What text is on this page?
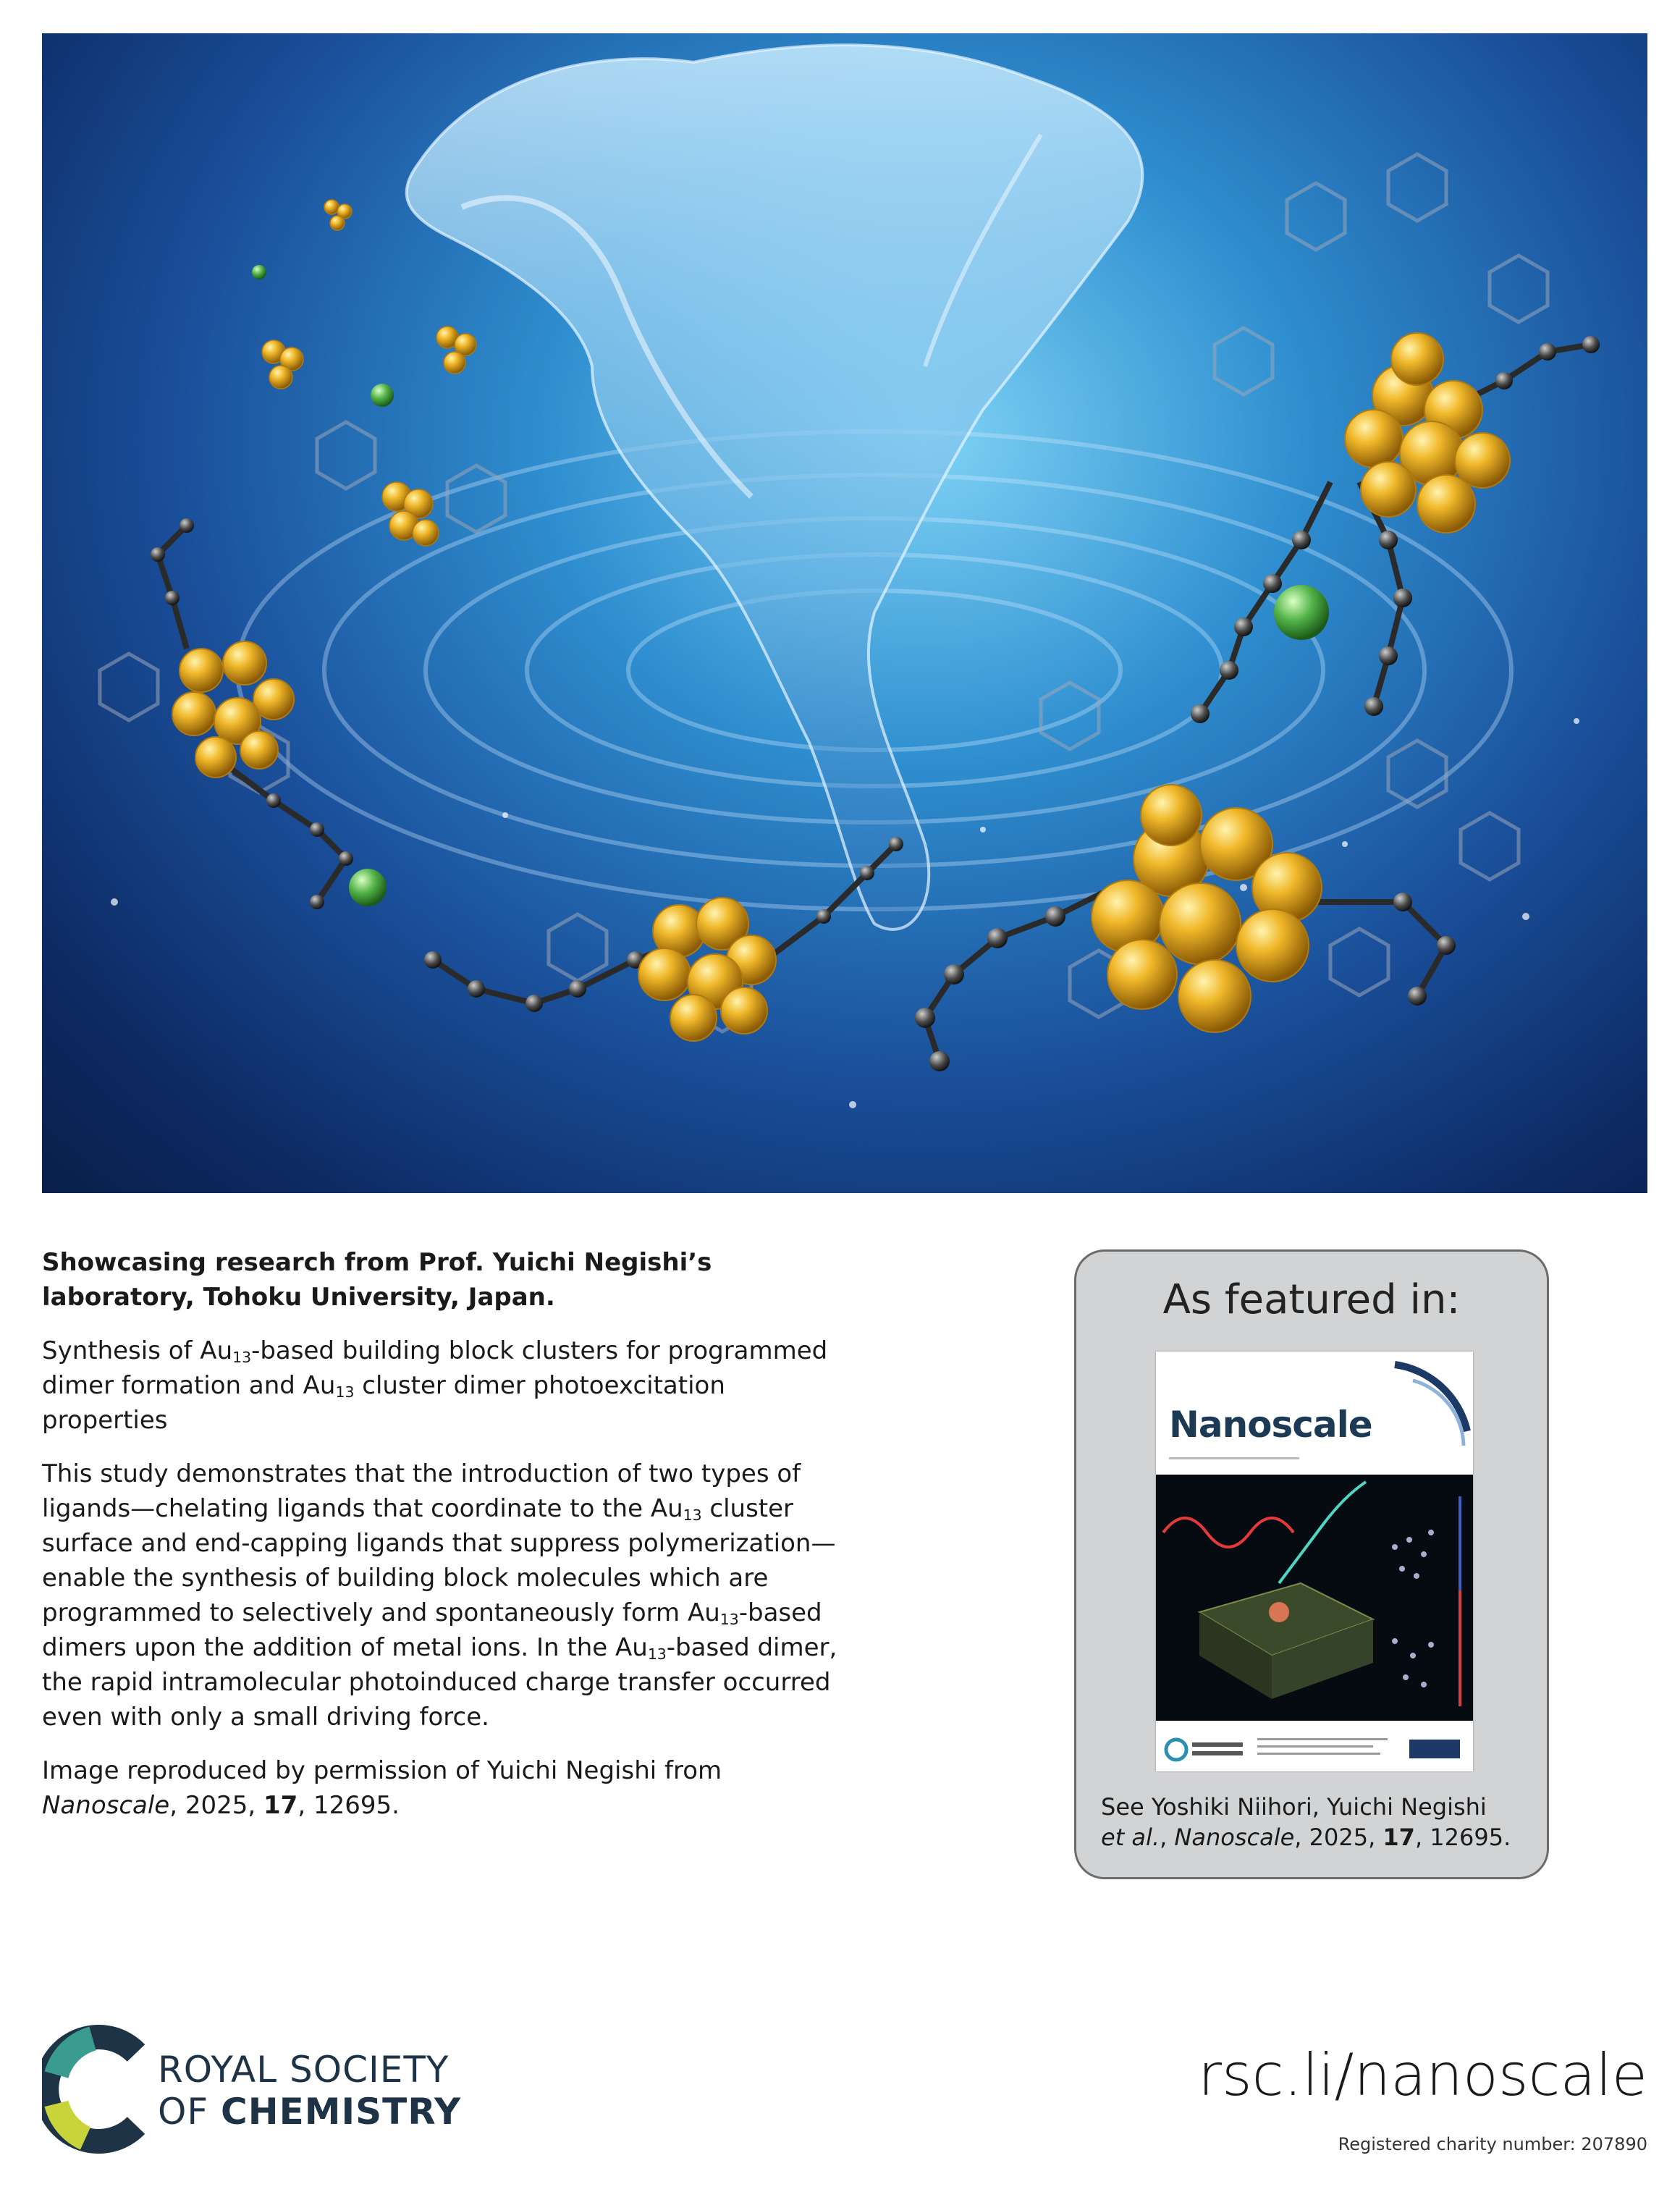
Showcasing research from Prof. Yuichi Negishi’s laboratory, Tohoku University, Japan.

Synthesis of $Au_{13}$-based building block clusters for programmed dimer formation and $Au_{13}$ cluster dimer photoexcitation properties

This study demonstrates that the introduction of two types of ligands—chelating ligands that coordinate to the $Au_{13}$ cluster surface and end-capping ligands that suppress polymerization—enable the synthesis of building block molecules which are programmed to selectively and spontaneously form $Au_{13}$-based dimers upon the addition of metal ions. In the $Au_{13}$-based dimer, the rapid intramolecular photoinduced charge transfer occurred even with only a small driving force.

Image reproduced by permission of Yuichi Negishi from
Nanoscale, 2025, 17, 12695.

As featured in:
Nanoscale
See Yoshiki Niihori, Yuichi Negishi
et al., Nanoscale, 2025, 17, 12695.
ROYAL SOCIETY
OF CHEMISTRY
rsc.li/nanoscale
Registered charity number: 207890
